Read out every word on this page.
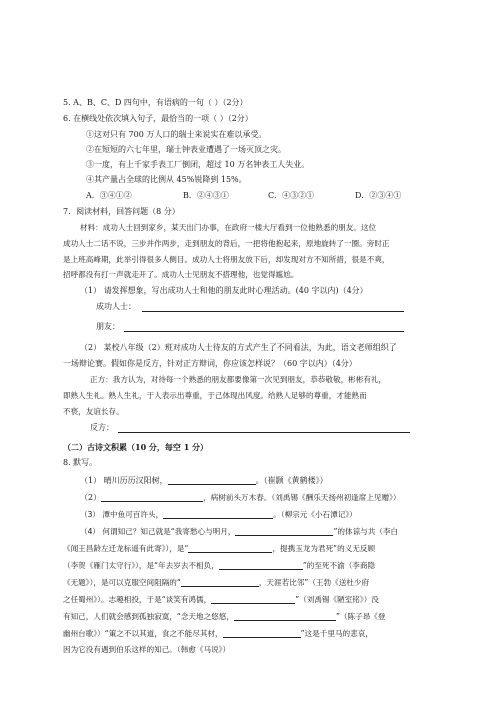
5. A、B、C、D 四句中，有语病的一句（ ）（2分）
6. 在横线处依次填入句子，最恰当的一项（ ）（2分）
①这对只有 700 万人口的瑞士来说实在难以承受。
②在短短的六七年里，瑞士钟表业遭遇了一场灭顶之灾。
③一度，有上千家手表工厂倒闭，超过 10 万名钟表工人失业。
④其产量占全球的比例从 45%锐降到 15%。
A．③④①②	B．②④③①	C．④③②①	D．②③④①
7．阅读材料，回答问题（8 分）
材料：成功人士回到家乡，某天出门办事，在政府一楼大厅看到一位他熟悉的朋友。这位
成功人士二话不说，三步并作两步，走到朋友的背后，一把将他抱起来，原地旋转了一圈。旁时正
是上班高峰期，此举引得很多人侧目。成功人士将朋友放下后，却发现对方不知所措，很是不爽，
招呼都没有打一声就走开了。成功人士见朋友不搭理他，也觉得尴尬。
（1） 请发挥想象，写出成功人士和他的朋友此时心理活动。(40 字以内)（4分）
成功人士：
朋友：
（2） 某校八年级（2）班对成功人士待友的方式产生了不同看法，为此，语文老师组织了
一场辩论赛。假如你是反方，针对正方辩词，你应该怎样说？（60 字以内）（4分）
正方：我方认为，对待每一个熟悉的朋友都要像第一次见到朋友，恭恭敬敬，彬彬有礼，
即熟人生礼。熟人生礼，于人表示出尊重，于己体现出风度。给熟人足够的尊重，才能熟而
不亵，友谊长存。
反方：
（二）古诗文积累（10 分，每空 1 分）
8. 默写。
（1） 晴川历历汉阳树，	。（崔颢《黄鹤楼》）
（2）	，病树前头万木春。（刘禹锡《酬乐天扬州初逢席上见赠》）
（3） 潭中鱼可百许头，	。（柳宗元《小石潭记》）
（4） 何谓知己？知己就是“我寄愁心与明月，	”的体谅与共（李白
《闻王昌龄左迁龙标遥有此寄》），是“	，提携玉龙为君死”的义无反顾
（李贺《雁门太守行》），是“年去岁去不相负，	”的至死不渝（李商隐
《无题》），是可以克服空间阻隔的“	，天涯若比邻”（王勃《送杜少府
之任蜀州》）。志趣相投，于是“谈笑有鸿儒，	”（刘禹锡《陋室铭》）没
有知己，人们就会感到孤独寂寞，“念天地之悠悠，	”（陈子昂《登
幽州台歌》）“策之不以其道，食之不能尽其材，	”这是千里马的悲哀，
因为它没有遇到伯乐这样的知己。（韩愈《马说》）
